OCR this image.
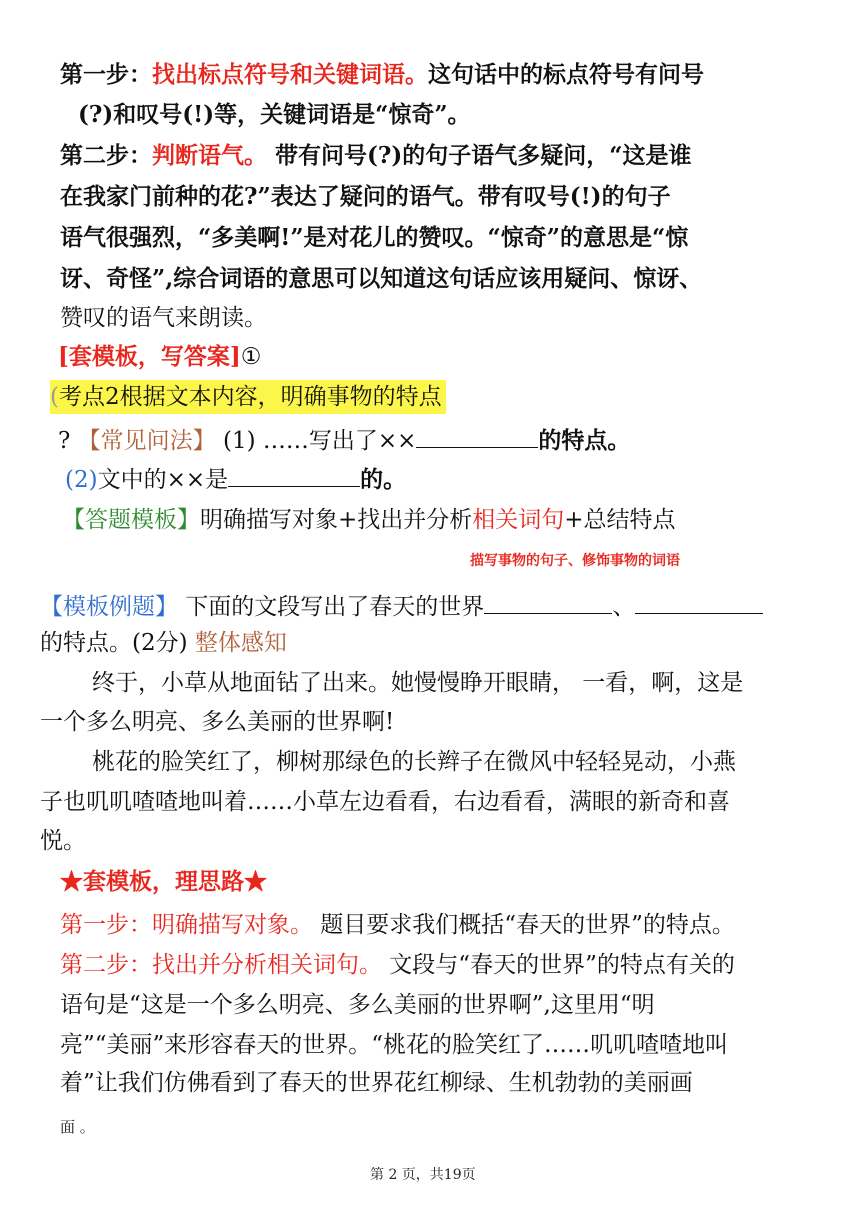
第一步：找出标点符号和关键词语。这句话中的标点符号有问号
(?)和叹号(!)等，关键词语是“惊奇”。
第二步：判断语气。 带有问号(?)的句子语气多疑问，“这是谁
在我家门前种的花?”表达了疑问的语气。带有叹号(!)的句子
语气很强烈，“多美啊!”是对花儿的赞叹。“惊奇”的意思是“惊
讶、奇怪”,综合词语的意思可以知道这句话应该用疑问、惊讶、
赞叹的语气来朗读。
[套模板，写答案]①
(考点2根据文本内容，明确事物的特点
? 【常见问法】 (1) ……写出了××	的特点。
(2)文中的××是	的。
【答题模板】明确描写对象+找出并分析相关词句+总结特点
描写事物的句子、修饰事物的词语
【模板例题】 下面的文段写出了春天的世界	、
的特点。(2分) 整体感知
终于，小草从地面钻了出来。她慢慢睁开眼睛， 一看，啊，这是
一个多么明亮、多么美丽的世界啊!
桃花的脸笑红了，柳树那绿色的长辫子在微风中轻轻晃动，小燕
子也叽叽喳喳地叫着……小草左边看看，右边看看，满眼的新奇和喜
悦。
★套模板，理思路★
第一步：明确描写对象。 题目要求我们概括“春天的世界”的特点。
第二步：找出并分析相关词句。 文段与“春天的世界”的特点有关的
语句是“这是一个多么明亮、多么美丽的世界啊”,这里用“明
亮”“美丽”来形容春天的世界。“桃花的脸笑红了……叽叽喳喳地叫
着”让我们仿佛看到了春天的世界花红柳绿、生机勃勃的美丽画
面 。
第 2 页，共19页
